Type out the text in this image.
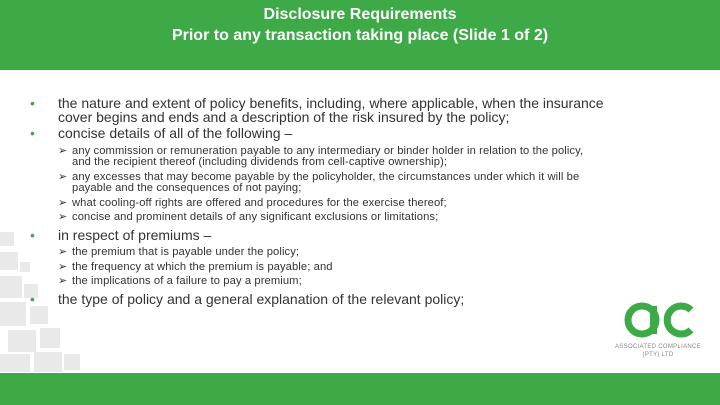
Disclosure Requirements
Prior to any transaction taking place (Slide 1 of 2)
• the nature and extent of policy benefits, including, where applicable, when the insurance
cover begins and ends and a description of the risk insured by the policy;
• concise details of all of the following –
➢ any commission or remuneration payable to any intermediary or binder holder in relation to the policy,
and the recipient thereof (including dividends from cell-captive ownership);
➢ any excesses that may become payable by the policyholder, the circumstances under which it will be
payable and the consequences of not paying;
➢ what cooling-off rights are offered and procedures for the exercise thereof;
➢ concise and prominent details of any significant exclusions or limitations;
• in respect of premiums –
➢ the premium that is payable under the policy;
➢ the frequency at which the premium is payable; and
➢ the implications of a failure to pay a premium;
• the type of policy and a general explanation of the relevant policy;
ASSOCIATED COMPLIANCE
(PTY) LTD
